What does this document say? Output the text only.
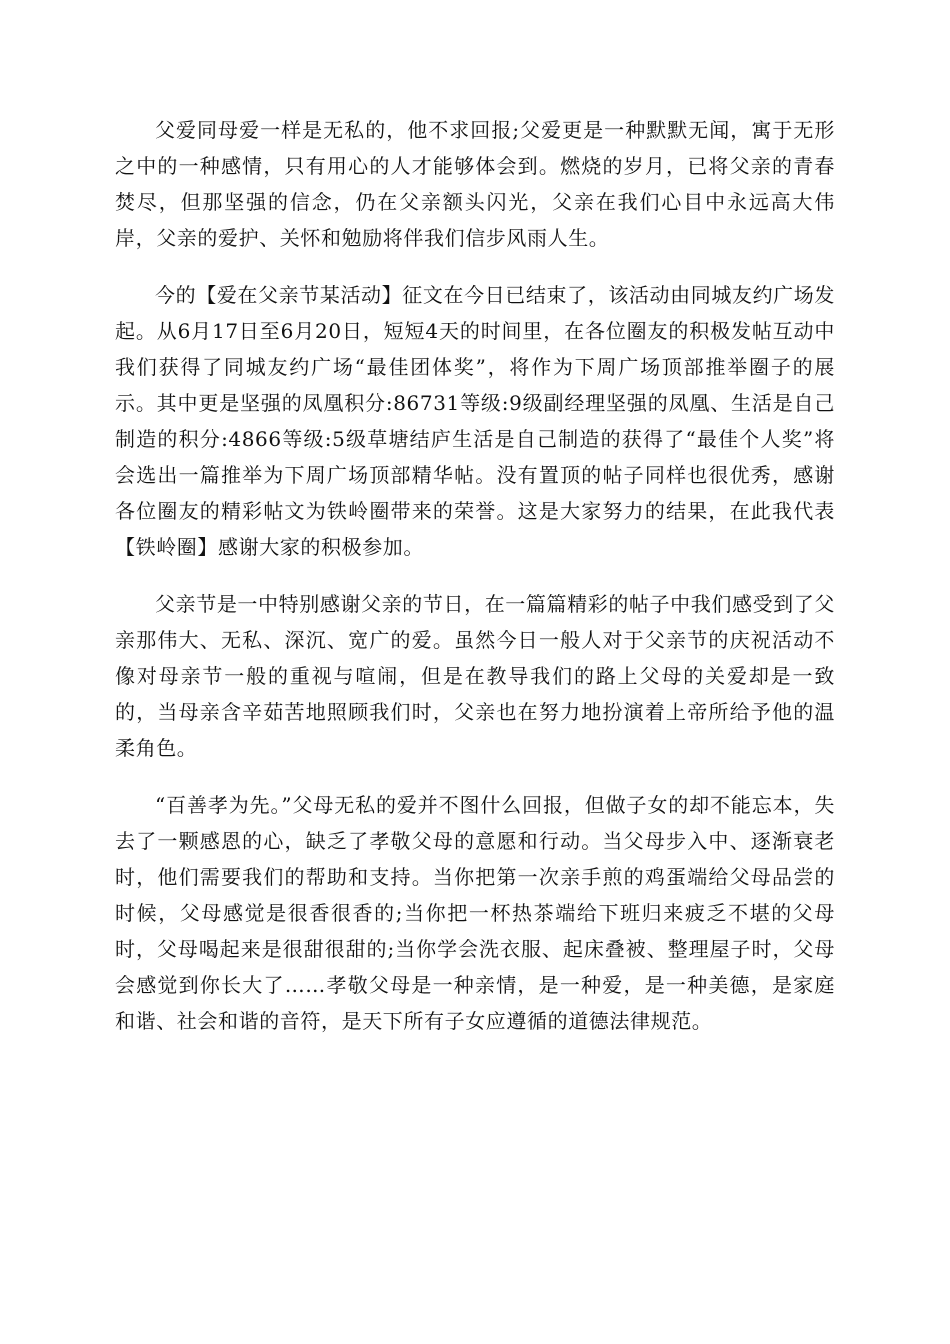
父爱同母爱一样是无私的，他不求回报;父爱更是一种默默无闻，寓于无形之中的一种感情，只有用心的人才能够体会到。燃烧的岁月，已将父亲的青春焚尽，但那坚强的信念，仍在父亲额头闪光，父亲在我们心目中永远高大伟岸，父亲的爱护、关怀和勉励将伴我们信步风雨人生。

今的【爱在父亲节某活动】征文在今日已结束了，该活动由同城友约广场发起。从6月17日至6月20日，短短4天的时间里，在各位圈友的积极发帖互动中我们获得了同城友约广场“最佳团体奖”，将作为下周广场顶部推举圈子的展示。其中更是坚强的凤凰积分:86731等级:9级副经理坚强的凤凰、生活是自己制造的积分:4866等级:5级草塘结庐生活是自己制造的获得了“最佳个人奖”将会选出一篇推举为下周广场顶部精华帖。没有置顶的帖子同样也很优秀，感谢各位圈友的精彩帖文为铁岭圈带来的荣誉。这是大家努力的结果，在此我代表【铁岭圈】感谢大家的积极参加。

父亲节是一中特别感谢父亲的节日，在一篇篇精彩的帖子中我们感受到了父亲那伟大、无私、深沉、宽广的爱。虽然今日一般人对于父亲节的庆祝活动不像对母亲节一般的重视与喧闹，但是在教导我们的路上父母的关爱却是一致的，当母亲含辛茹苦地照顾我们时，父亲也在努力地扮演着上帝所给予他的温柔角色。

“百善孝为先。”父母无私的爱并不图什么回报，但做子女的却不能忘本，失去了一颗感恩的心，缺乏了孝敬父母的意愿和行动。当父母步入中、逐渐衰老时，他们需要我们的帮助和支持。当你把第一次亲手煎的鸡蛋端给父母品尝的时候，父母感觉是很香很香的;当你把一杯热茶端给下班归来疲乏不堪的父母时，父母喝起来是很甜很甜的;当你学会洗衣服、起床叠被、整理屋子时，父母会感觉到你长大了……孝敬父母是一种亲情，是一种爱，是一种美德，是家庭和谐、社会和谐的音符，是天下所有子女应遵循的道德法律规范。
